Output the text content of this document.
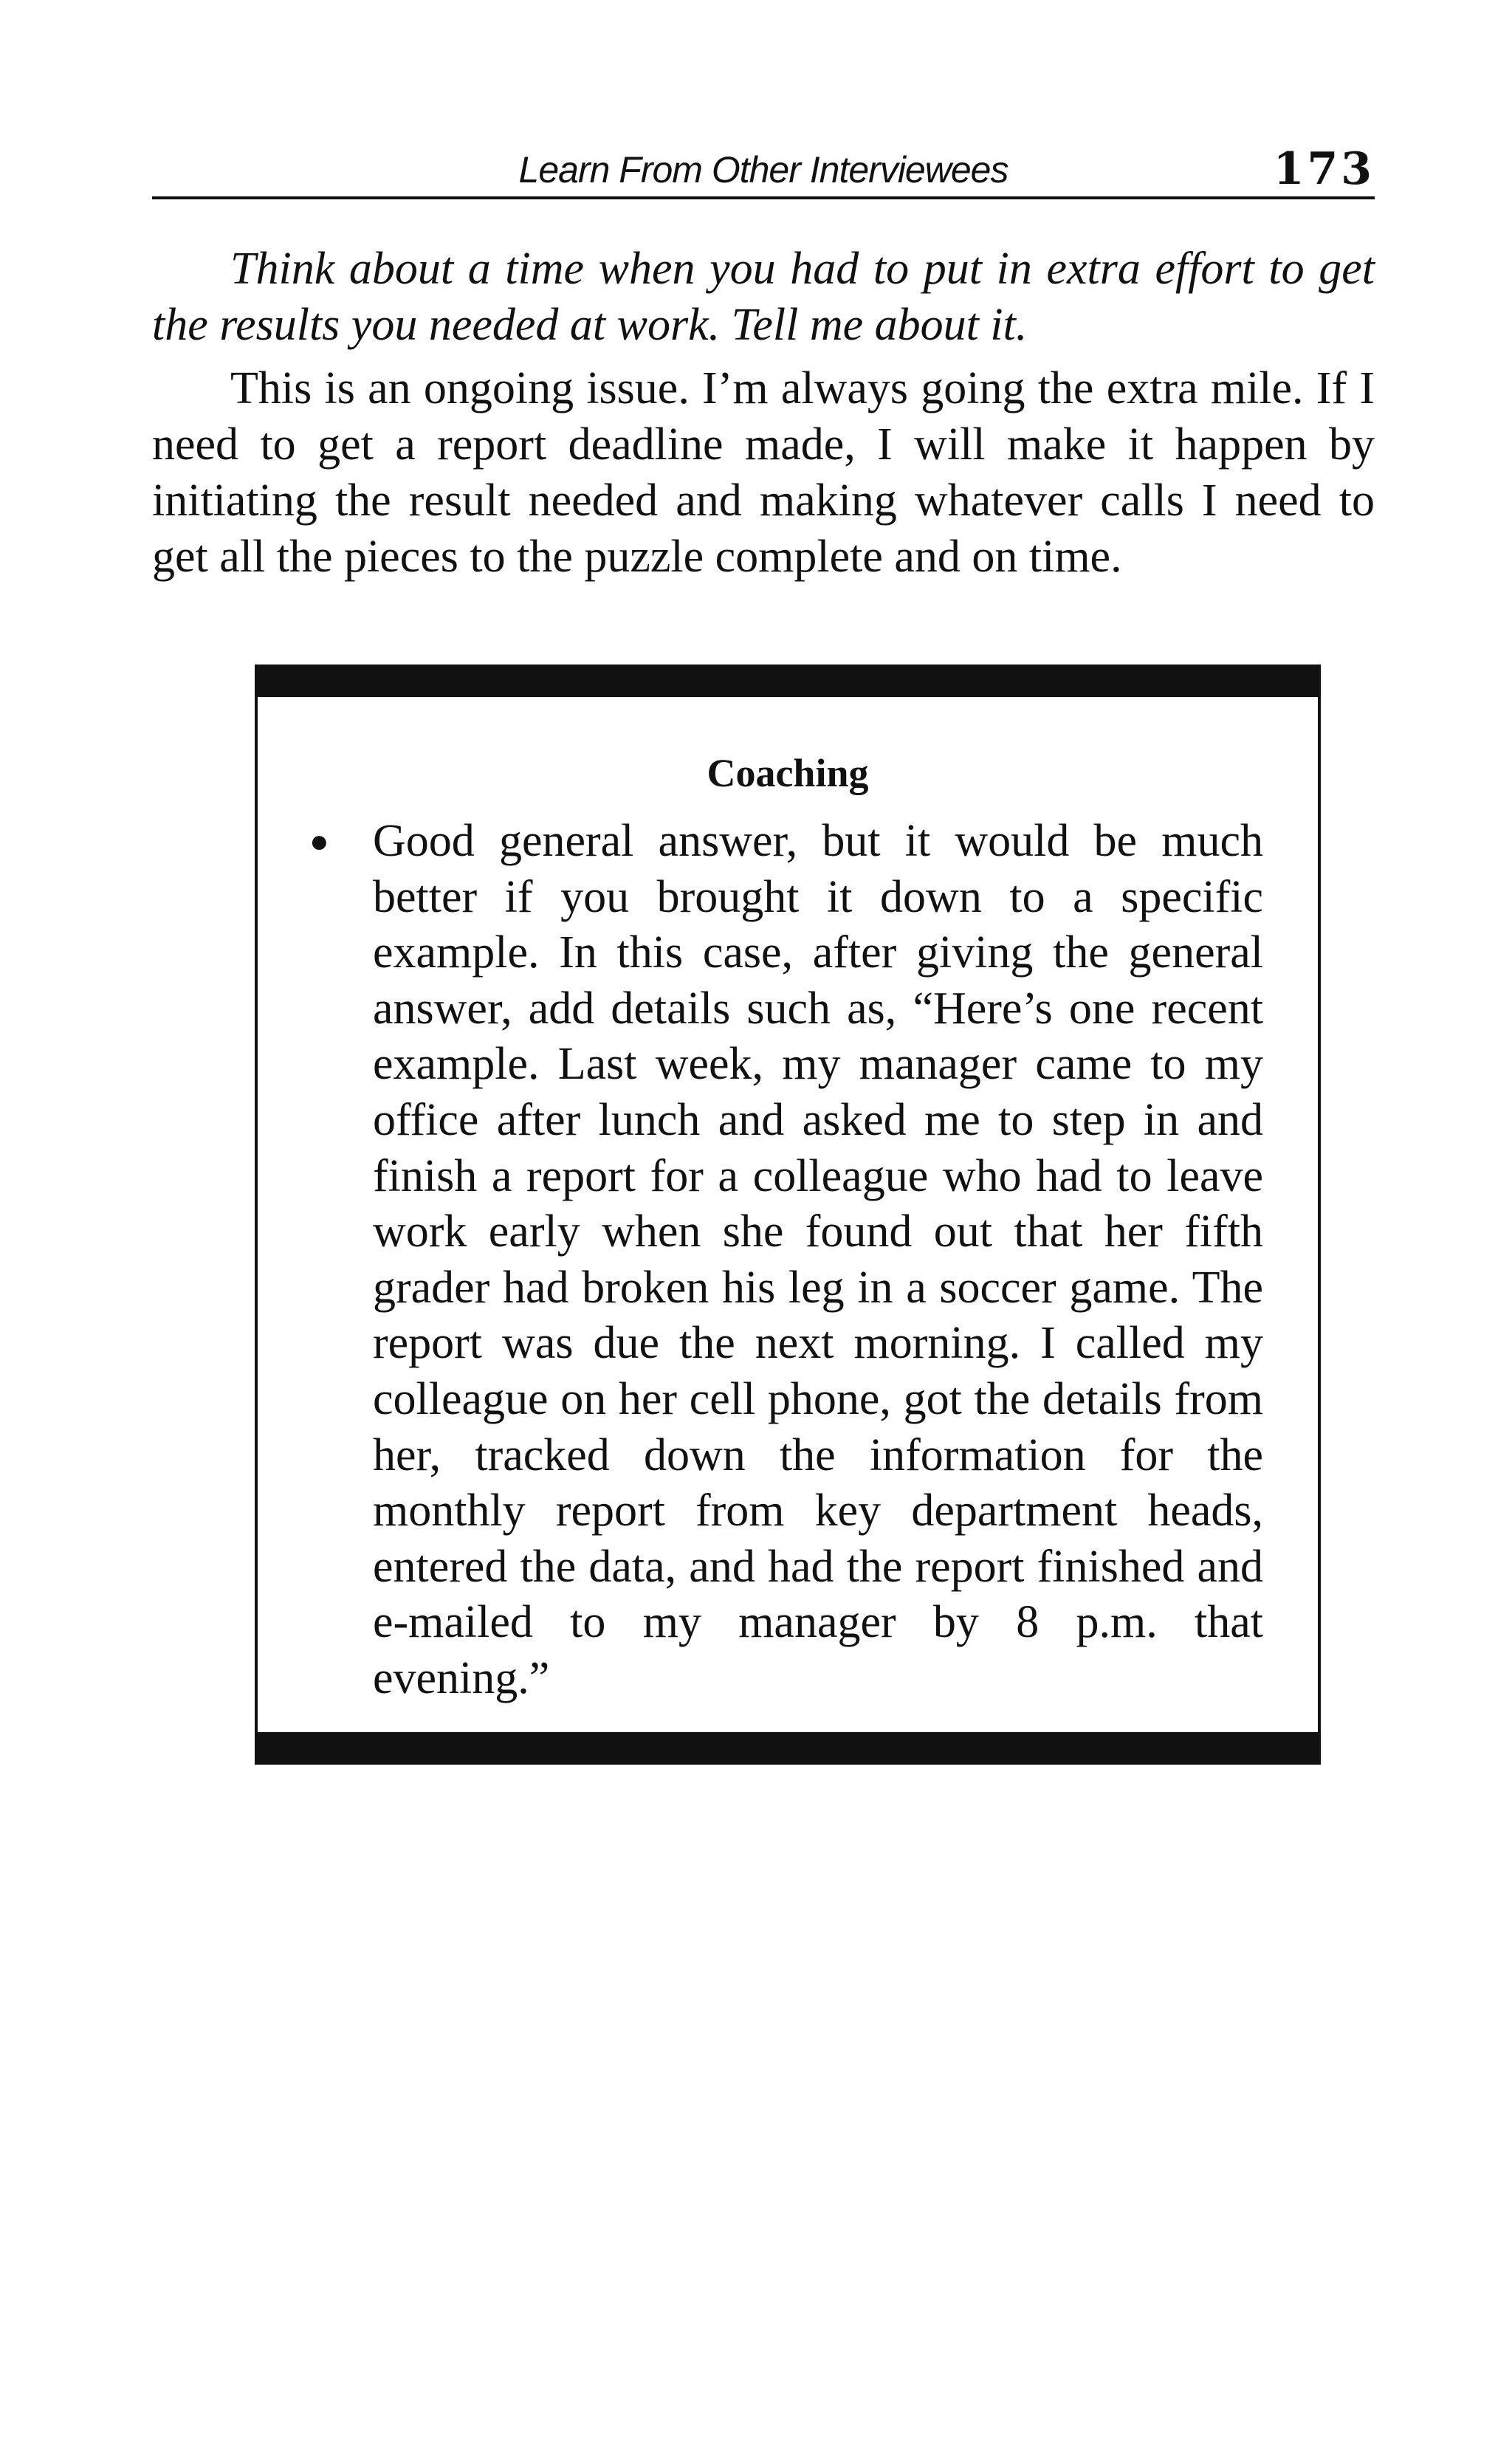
Learn From Other Interviewees	173

Think about a time when you had to put in extra effort to get the results you needed at work. Tell me about it.

This is an ongoing issue. I’m always going the extra mile. If I need to get a report deadline made, I will make it happen by initiating the result needed and making whatever calls I need to get all the pieces to the puzzle complete and on time.

Coaching
● Good general answer, but it would be much better if you brought it down to a specific example. In this case, after giving the general answer, add details such as, “Here’s one recent example. Last week, my manager came to my office after lunch and asked me to step in and finish a report for a colleague who had to leave work early when she found out that her fifth grader had broken his leg in a soccer game. The report was due the next morning. I called my colleague on her cell phone, got the details from her, tracked down the information for the monthly report from key department heads, entered the data, and had the report finished and e-mailed to my manager by 8 p.m. that evening.”
